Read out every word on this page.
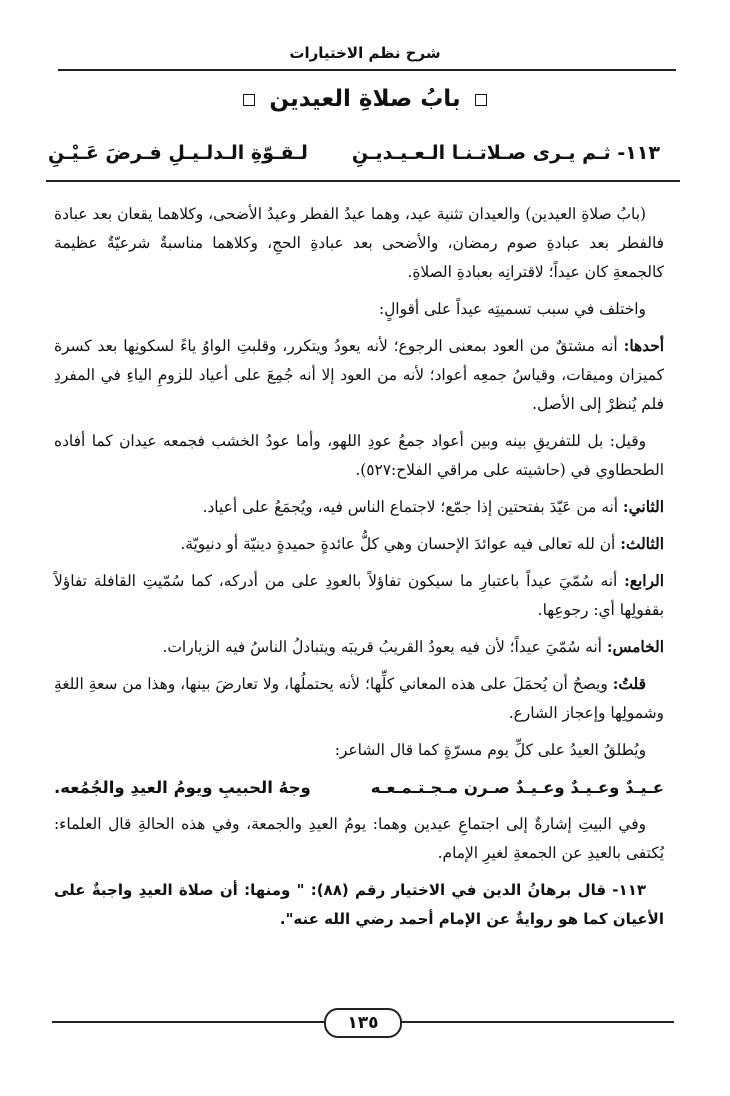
شرح نظم الاختيارات
بابُ صلاةِ العيدين
١١٣- ثـم يـرى صـلاتـنـا الـعـيـديـنِ
لـقـوّةِ الـدلـيـلِ فـرضَ عَـيْـنِ

(بابُ صلاةِ العيدين) والعيدان تثنية عيد، وهما عيدُ الفطر وعيدُ الأضحى، وكلاهما يقعان بعد عبادة فالفطر بعد عبادةِ صوم رمضان، والأضحى بعد عبادةِ الحجِ، وكلاهما مناسبةٌ شرعيّةٌ عظيمة كالجمعةِ كان عيداً؛ لاقترانِه بعبادةِ الصلاةِ.

واختلف في سبب تسميتِه عيداً على أقوالٍ:

أحدها: أنه مشتقٌ من العود بمعنى الرجوع؛ لأنه يعودُ ويتكرر، وقلبتِ الواوُ ياءً لسكونِها بعد كسرة كميزان وميقات، وقياسُ جمعِه أعواد؛ لأنه من العود إلا أنه جُمِعَ على أعياد للزومِ الياءِ في المفردِ فلم يُنظرْ إلى الأصل.

وقيل: بل للتفريقِ بينه وبين أعواد جمعُ عودِ اللهو، وأما عودُ الخشب فجمعه عيدان كما أفاده الطحطاوي في (حاشيته على مراقي الفلاح:٥٢٧).

الثاني: أنه من عَيّدَ بفتحتين إذا جمّع؛ لاجتماع الناس فيه، ويُجمَعُ على أعياد.

الثالث: أن لله تعالى فيه عوائدَ الإحسان وهي كلُّ عائدةٍ حميدةٍ دينيّة أو دنيويّة.

الرابع: أنه سُمّيَ عيداً باعتبارِ ما سيكون تفاؤلاً بالعودِ على من أدركه، كما سُمّيتِ القافلة تفاؤلاً بقفولِها أي: رجوعِها.

الخامس: أنه سُمّيَ عيداً؛ لأن فيه يعودُ القريبُ قريبَه ويتبادلُ الناسُ فيه الزيارات.

قلتُ: ويصحُ أن يُحمَلَ على هذه المعاني كلِّها؛ لأنه يحتملُها، ولا تعارضَ بينها، وهذا من سعةِ اللغةِ وشمولِها وإعجاز الشارع.

ويُطلقُ العيدُ على كلِّ يوم مسرّةٍ كما قال الشاعر:

عـيـدٌ وعـيـدٌ وعـيـدٌ صـرن مـجـتـمـعـه
وجهُ الحبيبِ ويومُ العيدِ والجُمُعه.

وفي البيتِ إشارةٌ إلى اجتماعِ عيدين وهما: يومُ العيدِ والجمعة، وفي هذه الحالةِ قال العلماء: يُكتفى بالعيدِ عن الجمعةِ لغيرِ الإمام.

١١٣- قال برهانُ الدين في الاختيار رقم (٨٨): " ومنها: أن صلاة العيدِ واجبةٌ على الأعيان كما هو روايةٌ عن الإمام أحمد رضي الله عنه".

١٣٥
